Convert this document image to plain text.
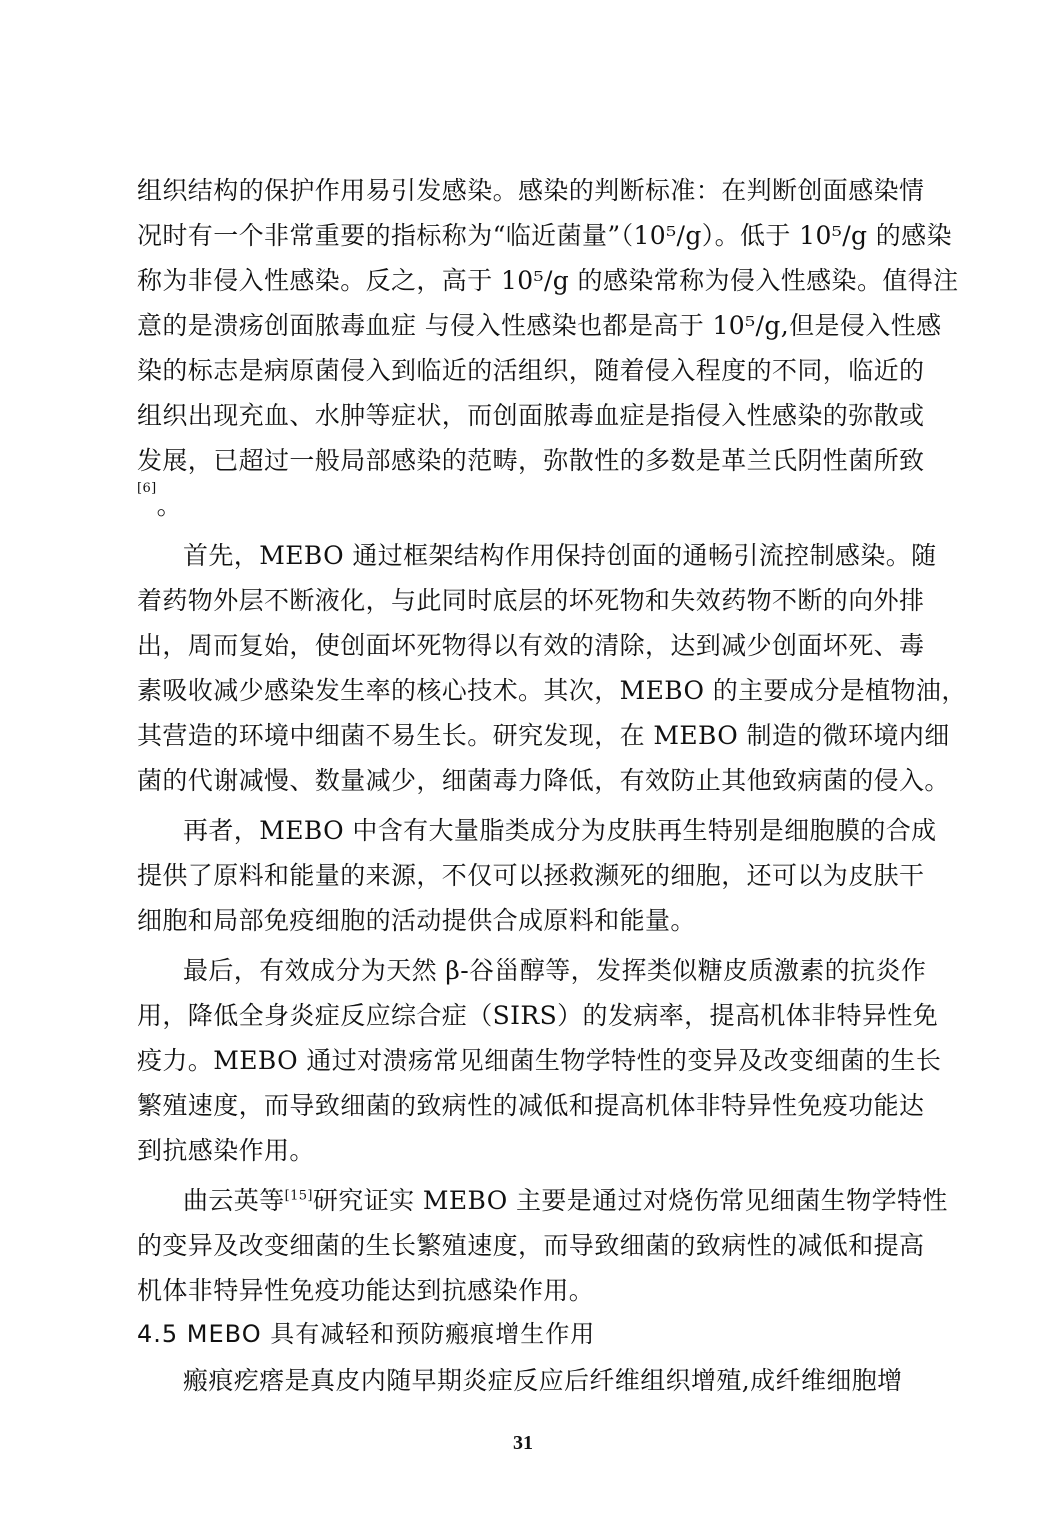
组织结构的保护作用易引发感染。感染的判断标准：在判断创面感染情
况时有一个非常重要的指标称为“临近菌量”（10⁵/g）。低于 10⁵/g 的感染
称为非侵入性感染。反之，高于 10⁵/g 的感染常称为侵入性感染。值得注
意的是溃疡创面脓毒血症 与侵入性感染也都是高于 10⁵/g,但是侵入性感
染的标志是病原菌侵入到临近的活组织，随着侵入程度的不同，临近的
组织出现充血、水肿等症状，而创面脓毒血症是指侵入性感染的弥散或
发展，已超过一般局部感染的范畴，弥散性的多数是革兰氏阴性菌所致
[6]。
首先，MEBO 通过框架结构作用保持创面的通畅引流控制感染。随
着药物外层不断液化，与此同时底层的坏死物和失效药物不断的向外排
出，周而复始，使创面坏死物得以有效的清除，达到减少创面坏死、毒
素吸收减少感染发生率的核心技术。其次，MEBO 的主要成分是植物油，
其营造的环境中细菌不易生长。研究发现，在 MEBO 制造的微环境内细
菌的代谢减慢、数量减少，细菌毒力降低，有效防止其他致病菌的侵入。
再者，MEBO 中含有大量脂类成分为皮肤再生特别是细胞膜的合成
提供了原料和能量的来源，不仅可以拯救濒死的细胞，还可以为皮肤干
细胞和局部免疫细胞的活动提供合成原料和能量。
最后，有效成分为天然 β-谷甾醇等，发挥类似糖皮质激素的抗炎作
用，降低全身炎症反应综合症（SIRS）的发病率，提高机体非特异性免
疫力。MEBO 通过对溃疡常见细菌生物学特性的变异及改变细菌的生长
繁殖速度，而导致细菌的致病性的减低和提高机体非特异性免疫功能达
到抗感染作用。
曲云英等[15]研究证实 MEBO 主要是通过对烧伤常见细菌生物学特性
的变异及改变细菌的生长繁殖速度，而导致细菌的致病性的减低和提高
机体非特异性免疫功能达到抗感染作用。
4.5 MEBO 具有减轻和预防瘢痕增生作用
瘢痕疙瘩是真皮内随早期炎症反应后纤维组织增殖,成纤维细胞增
31
